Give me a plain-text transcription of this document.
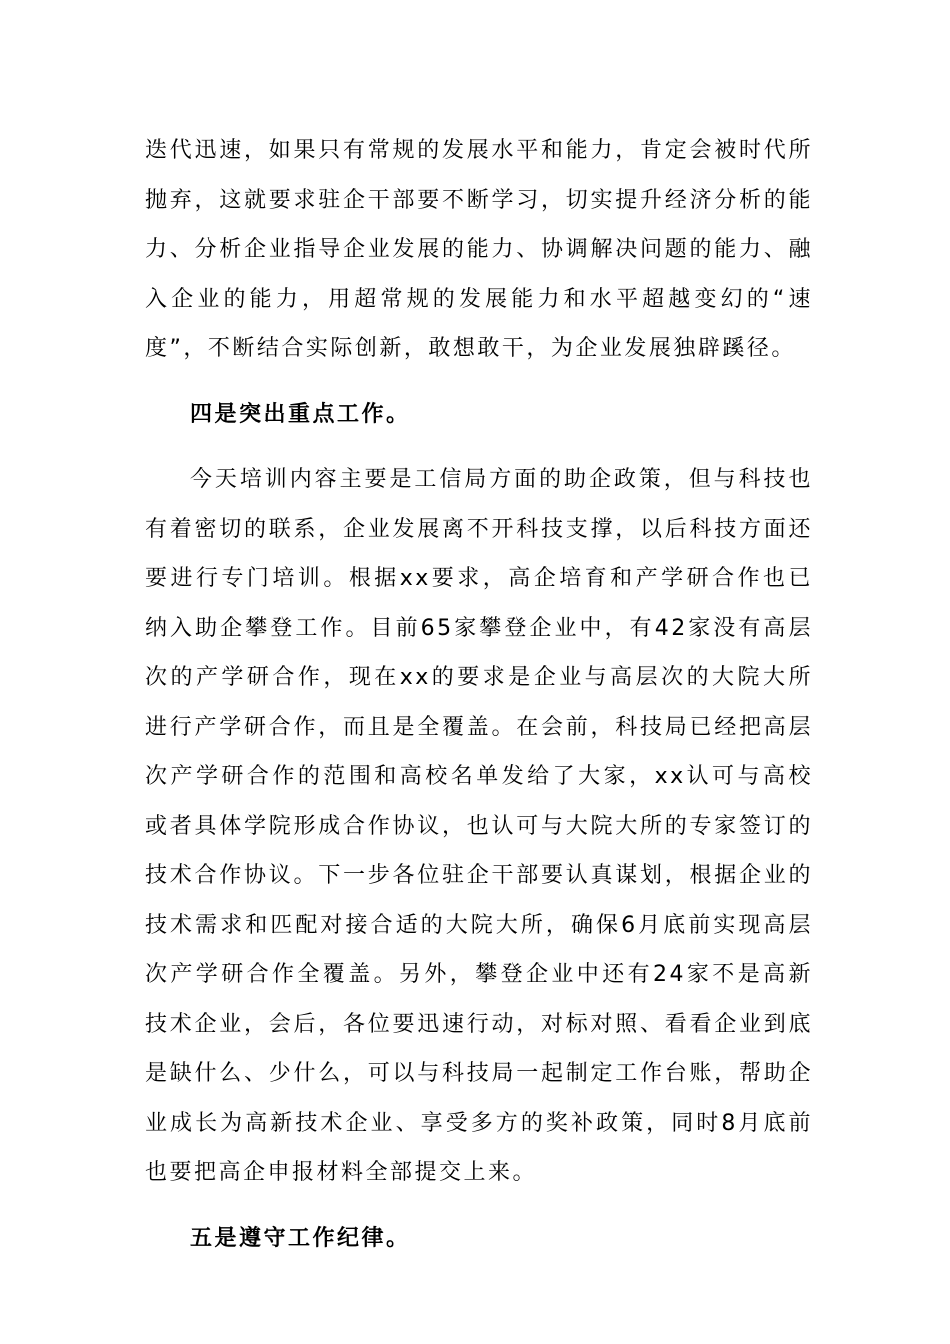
迭代迅速，如果只有常规的发展水平和能力，肯定会被时代所抛弃，这就要求驻企干部要不断学习，切实提升经济分析的能力、分析企业指导企业发展的能力、协调解决问题的能力、融入企业的能力，用超常规的发展能力和水平超越变幻的“速度”，不断结合实际创新，敢想敢干，为企业发展独辟蹊径。

四是突出重点工作。

今天培训内容主要是工信局方面的助企政策，但与科技也有着密切的联系，企业发展离不开科技支撑，以后科技方面还要进行专门培训。根据xx要求，高企培育和产学研合作也已纳入助企攀登工作。目前65家攀登企业中，有42家没有高层次的产学研合作，现在xx的要求是企业与高层次的大院大所进行产学研合作，而且是全覆盖。在会前，科技局已经把高层次产学研合作的范围和高校名单发给了大家，xx认可与高校或者具体学院形成合作协议，也认可与大院大所的专家签订的技术合作协议。下一步各位驻企干部要认真谋划，根据企业的技术需求和匹配对接合适的大院大所，确保6月底前实现高层次产学研合作全覆盖。另外，攀登企业中还有24家不是高新技术企业，会后，各位要迅速行动，对标对照、看看企业到底是缺什么、少什么，可以与科技局一起制定工作台账，帮助企业成长为高新技术企业、享受多方的奖补政策，同时8月底前也要把高企申报材料全部提交上来。

五是遵守工作纪律。
